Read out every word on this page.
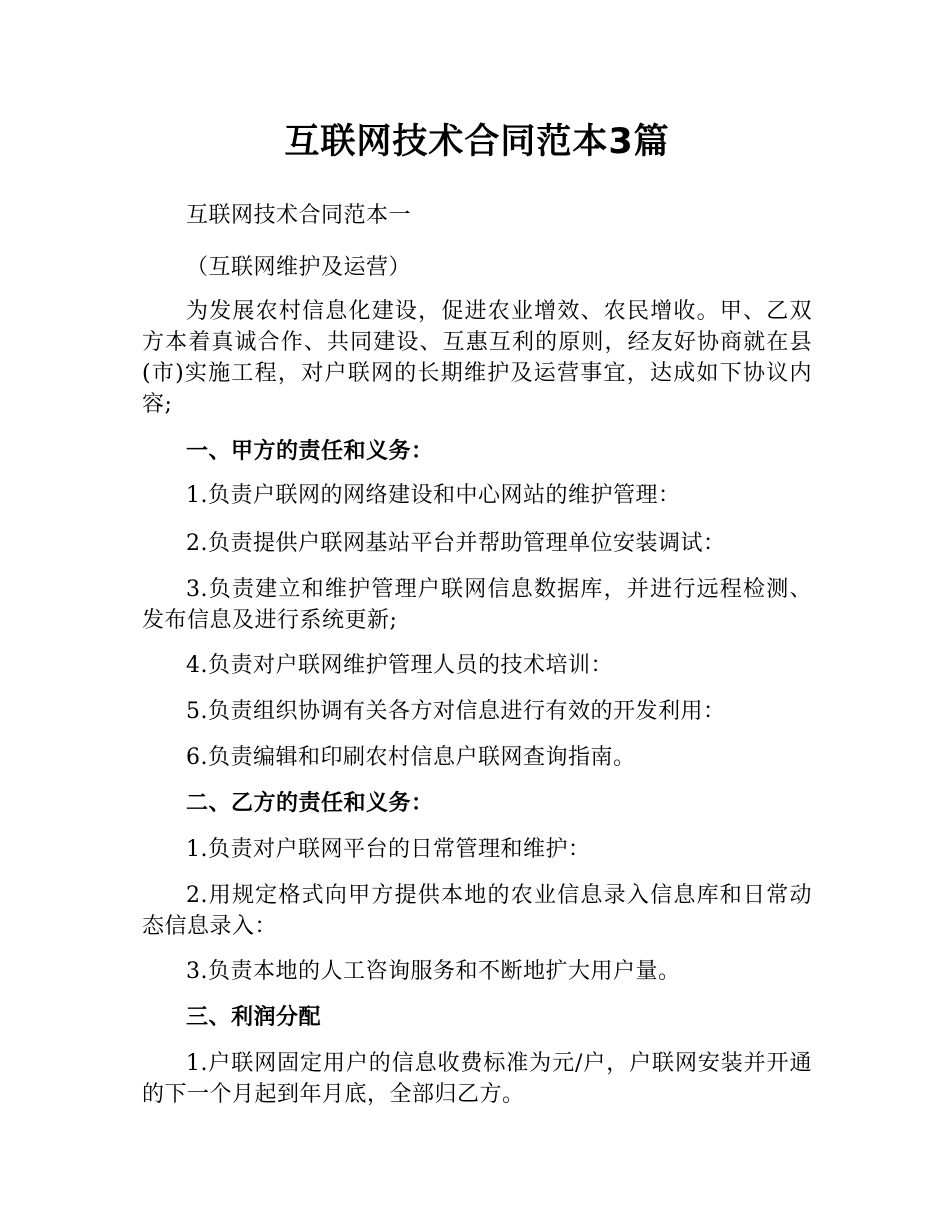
互联网技术合同范本3篇

互联网技术合同范本一

（互联网维护及运营）

为发展农村信息化建设，促进农业增效、农民增收。甲、乙双方本着真诚合作、共同建设、互惠互利的原则，经友好协商就在县(市)实施工程，对户联网的长期维护及运营事宜，达成如下协议内容;

一、甲方的责任和义务：

1.负责户联网的网络建设和中心网站的维护管理：

2.负责提供户联网基站平台并帮助管理单位安装调试：

3.负责建立和维护管理户联网信息数据库，并进行远程检测、发布信息及进行系统更新;

4.负责对户联网维护管理人员的技术培训：

5.负责组织协调有关各方对信息进行有效的开发利用：

6.负责编辑和印刷农村信息户联网查询指南。

二、乙方的责任和义务：

1.负责对户联网平台的日常管理和维护：

2.用规定格式向甲方提供本地的农业信息录入信息库和日常动态信息录入：

3.负责本地的人工咨询服务和不断地扩大用户量。

三、利润分配

1.户联网固定用户的信息收费标准为元/户，户联网安装并开通的下一个月起到年月底，全部归乙方。
